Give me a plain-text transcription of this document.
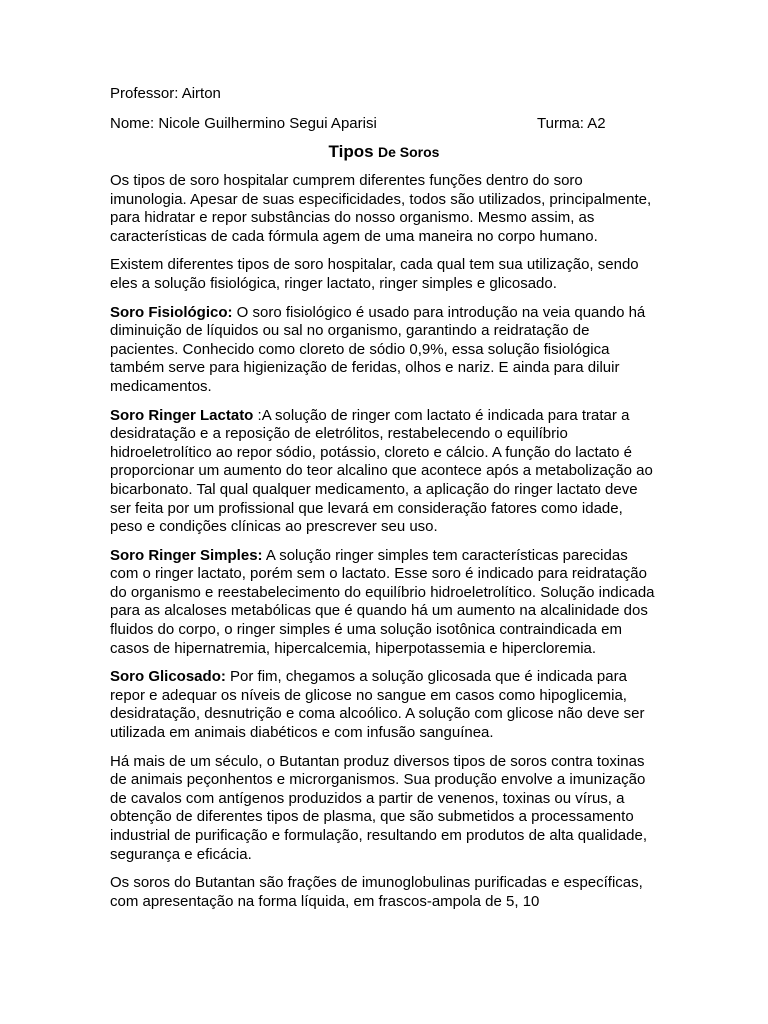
Professor: Airton
Nome: Nicole Guilhermino Segui Aparisi	Turma: A2
Tipos De Soros

Os tipos de soro hospitalar cumprem diferentes funções dentro do soro imunologia. Apesar de suas especificidades, todos são utilizados, principalmente, para hidratar e repor substâncias do nosso organismo. Mesmo assim, as características de cada fórmula agem de uma maneira no corpo humano.

Existem diferentes tipos de soro hospitalar, cada qual tem sua utilização, sendo eles a solução fisiológica, ringer lactato, ringer simples e glicosado.

Soro Fisiológico: O soro fisiológico é usado para introdução na veia quando há diminuição de líquidos ou sal no organismo, garantindo a reidratação de pacientes. Conhecido como cloreto de sódio 0,9%, essa solução fisiológica também serve para higienização de feridas, olhos e nariz. E ainda para diluir medicamentos.

Soro Ringer Lactato :A solução de ringer com lactato é indicada para tratar a desidratação e a reposição de eletrólitos, restabelecendo o equilíbrio hidroeletrolítico ao repor sódio, potássio, cloreto e cálcio. A função do lactato é proporcionar um aumento do teor alcalino que acontece após a metabolização ao bicarbonato. Tal qual qualquer medicamento, a aplicação do ringer lactato deve ser feita por um profissional que levará em consideração fatores como idade, peso e condições clínicas ao prescrever seu uso.

Soro Ringer Simples: A solução ringer simples tem características parecidas com o ringer lactato, porém sem o lactato. Esse soro é indicado para reidratação do organismo e reestabelecimento do equilíbrio hidroeletrolítico. Solução indicada para as alcaloses metabólicas que é quando há um aumento na alcalinidade dos fluidos do corpo, o ringer simples é uma solução isotônica contraindicada em casos de hipernatremia, hipercalcemia, hiperpotassemia e hipercloremia.

Soro Glicosado: Por fim, chegamos a solução glicosada que é indicada para repor e adequar os níveis de glicose no sangue em casos como hipoglicemia, desidratação, desnutrição e coma alcoólico. A solução com glicose não deve ser utilizada em animais diabéticos e com infusão sanguínea.

Há mais de um século, o Butantan produz diversos tipos de soros contra toxinas de animais peçonhentos e microrganismos. Sua produção envolve a imunização de cavalos com antígenos produzidos a partir de venenos, toxinas ou vírus, a obtenção de diferentes tipos de plasma, que são submetidos a processamento industrial de purificação e formulação, resultando em produtos de alta qualidade, segurança e eficácia.

Os soros do Butantan são frações de imunoglobulinas purificadas e específicas, com apresentação na forma líquida, em frascos-ampola de 5, 10
